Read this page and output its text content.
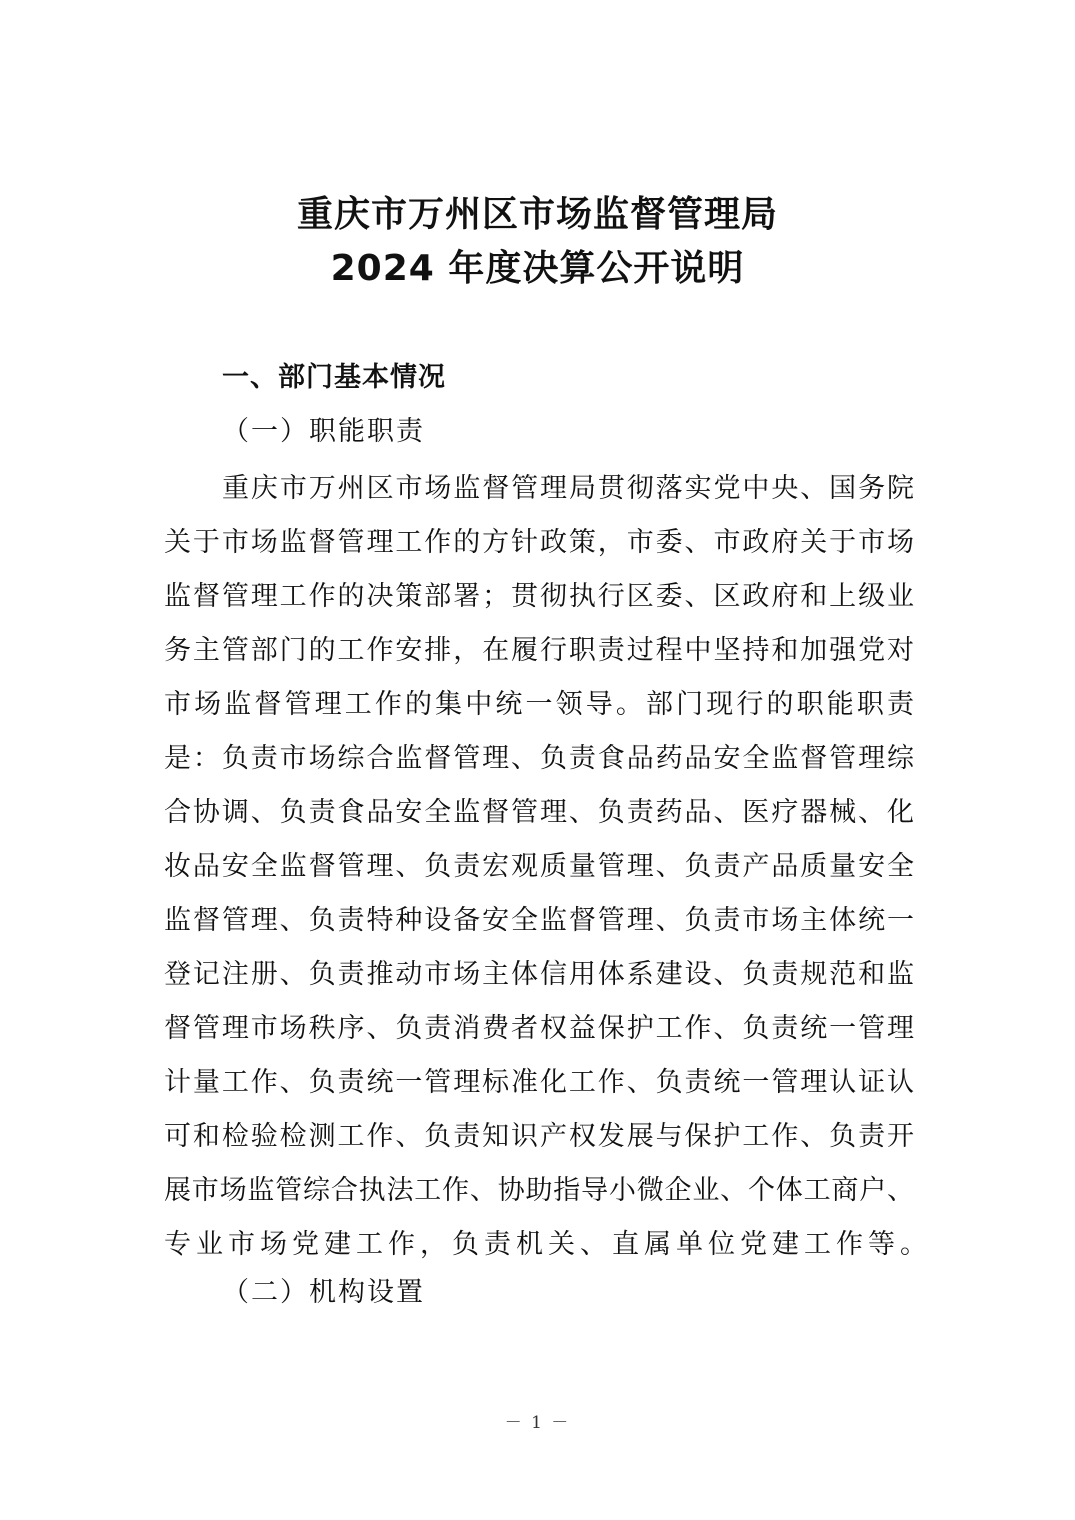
重庆市万州区市场监督管理局
2024 年度决算公开说明
一、部门基本情况
（一）职能职责
重庆市万州区市场监督管理局贯彻落实党中央、国务院
关于市场监督管理工作的方针政策，市委、市政府关于市场
监督管理工作的决策部署；贯彻执行区委、区政府和上级业
务主管部门的工作安排，在履行职责过程中坚持和加强党对
市场监督管理工作的集中统一领导。部门现行的职能职责
是：负责市场综合监督管理、负责食品药品安全监督管理综
合协调、负责食品安全监督管理、负责药品、医疗器械、化
妆品安全监督管理、负责宏观质量管理、负责产品质量安全
监督管理、负责特种设备安全监督管理、负责市场主体统一
登记注册、负责推动市场主体信用体系建设、负责规范和监
督管理市场秩序、负责消费者权益保护工作、负责统一管理
计量工作、负责统一管理标准化工作、负责统一管理认证认
可和检验检测工作、负责知识产权发展与保护工作、负责开
展市场监管综合执法工作、协助指导小微企业、个体工商户、
专业市场党建工作，负责机关、直属单位党建工作等。
（二）机构设置
－ 1 －
